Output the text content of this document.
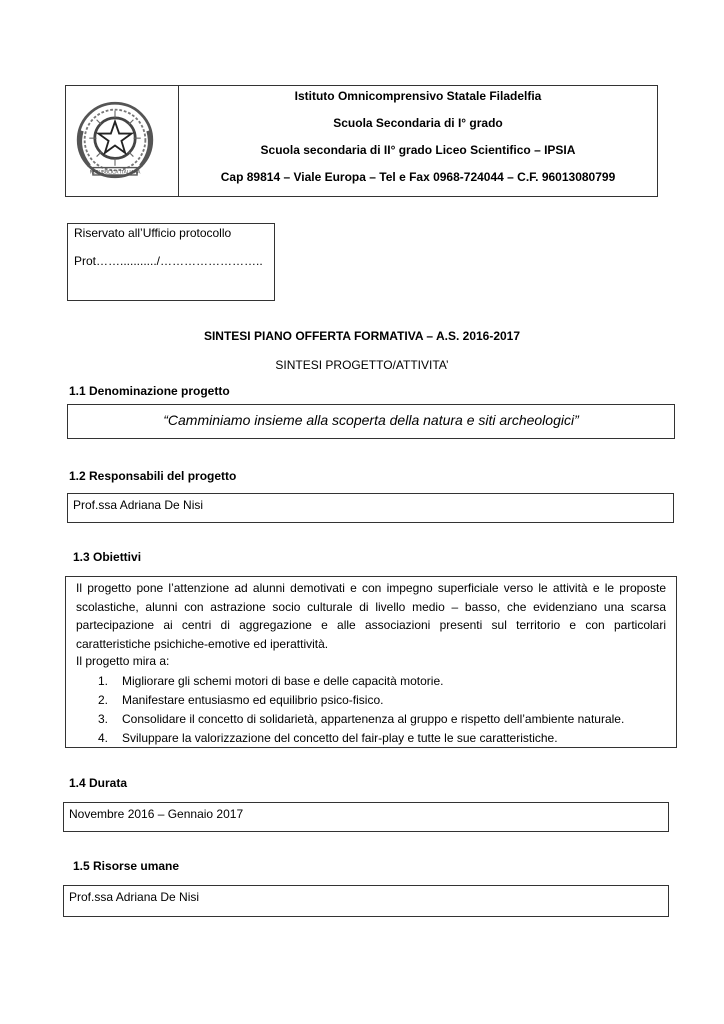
REPUBBLICA ITALIANA
Istituto Omnicomprensivo Statale Filadelfia
Scuola Secondaria di I° grado
Scuola secondaria di II° grado Liceo Scientifico – IPSIA
Cap 89814 – Viale Europa – Tel e Fax 0968-724044 – C.F. 96013080799
Riservato all’Ufficio protocollo
Prot…….........../……………………..
SINTESI PIANO OFFERTA FORMATIVA – A.S. 2016-2017
SINTESI PROGETTO/ATTIVITA’
1.1 Denominazione progetto
“Camminiamo insieme alla scoperta della natura e siti archeologici”
1.2 Responsabili del progetto
Prof.ssa Adriana De Nisi
1.3 Obiettivi

Il progetto pone l’attenzione ad alunni demotivati e con impegno superficiale verso le attività e le proposte scolastiche, alunni con astrazione socio culturale di livello medio – basso, che evidenziano una scarsa partecipazione ai centri di aggregazione e alle associazioni presenti sul territorio e con particolari caratteristiche psichiche-emotive ed iperattività.

Il progetto mira a:
1. Migliorare gli schemi motori di base e delle capacità motorie.
2. Manifestare entusiasmo ed equilibrio psico-fisico.
3. Consolidare il concetto di solidarietà, appartenenza al gruppo e rispetto dell’ambiente naturale.
4. Sviluppare la valorizzazione del concetto del fair-play e tutte le sue caratteristiche.
1.4 Durata
Novembre 2016 – Gennaio 2017
1.5 Risorse umane
Prof.ssa Adriana De Nisi
